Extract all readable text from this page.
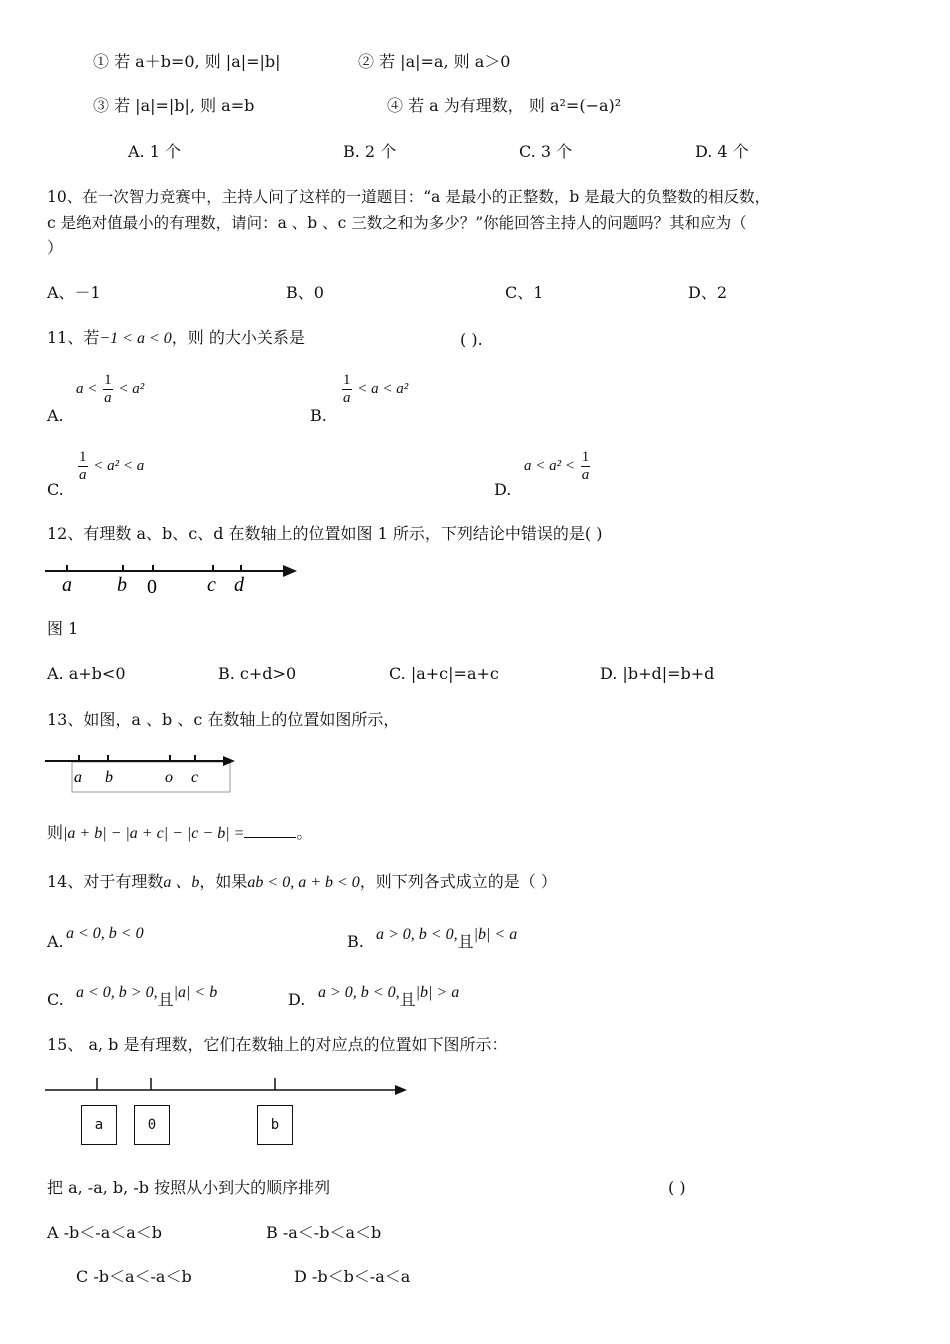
① 若 a＋b=0, 则 |a|=|b|	② 若 |a|=a, 则 a＞0
③ 若 |a|=|b|, 则 a=b	④ 若 a 为有理数， 则 a²=(−a)²
A. 1 个	B. 2 个	C. 3 个	D. 4 个
10、在一次智力竞赛中，主持人问了这样的一道题目：“a 是最小的正整数，b 是最大的负整数的相反数，
c 是绝对值最小的有理数，请问：a 、b 、c 三数之和为多少？”你能回答主持人的问题吗？其和应为（
）
A、－1	B、0	C、1	D、2
11、若−1 < a < 0，则 的大小关系是	( ).
A.
$a < \frac{1}{a} < a^2$
B.
$\frac{1}{a} < a < a^2$
C.
$\frac{1}{a} < a^2 < a$
D.
$a < a^2 < \frac{1}{a}$
12、有理数 a、b、c、d 在数轴上的位置如图 1 所示，下列结论中错误的是( )
a b 0	c d
图 1
A. a+b<0	B. c+d>0	C. |a+c|=a+c	D. |b+d|=b+d
13、如图，a 、b 、c 在数轴上的位置如图所示，
a b	o c
则|a + b| − |a + c| − |c − b| =	。
14、对于有理数a 、b，如果ab < 0, a + b < 0，则下列各式成立的是（ ）
A. a < 0, b < 0	B. a > 0, b < 0,且|b| < a
C. a < 0, b > 0,且|a| < b	D. a > 0, b < 0,且|b| > a
15、 a, b 是有理数，它们在数轴上的对应点的位置如下图所示：
a	0	b
把 a, -a, b, -b 按照从小到大的顺序排列	( )
A -b＜-a＜a＜b	B -a＜-b＜a＜b
C -b＜a＜-a＜b	D -b＜b＜-a＜a
